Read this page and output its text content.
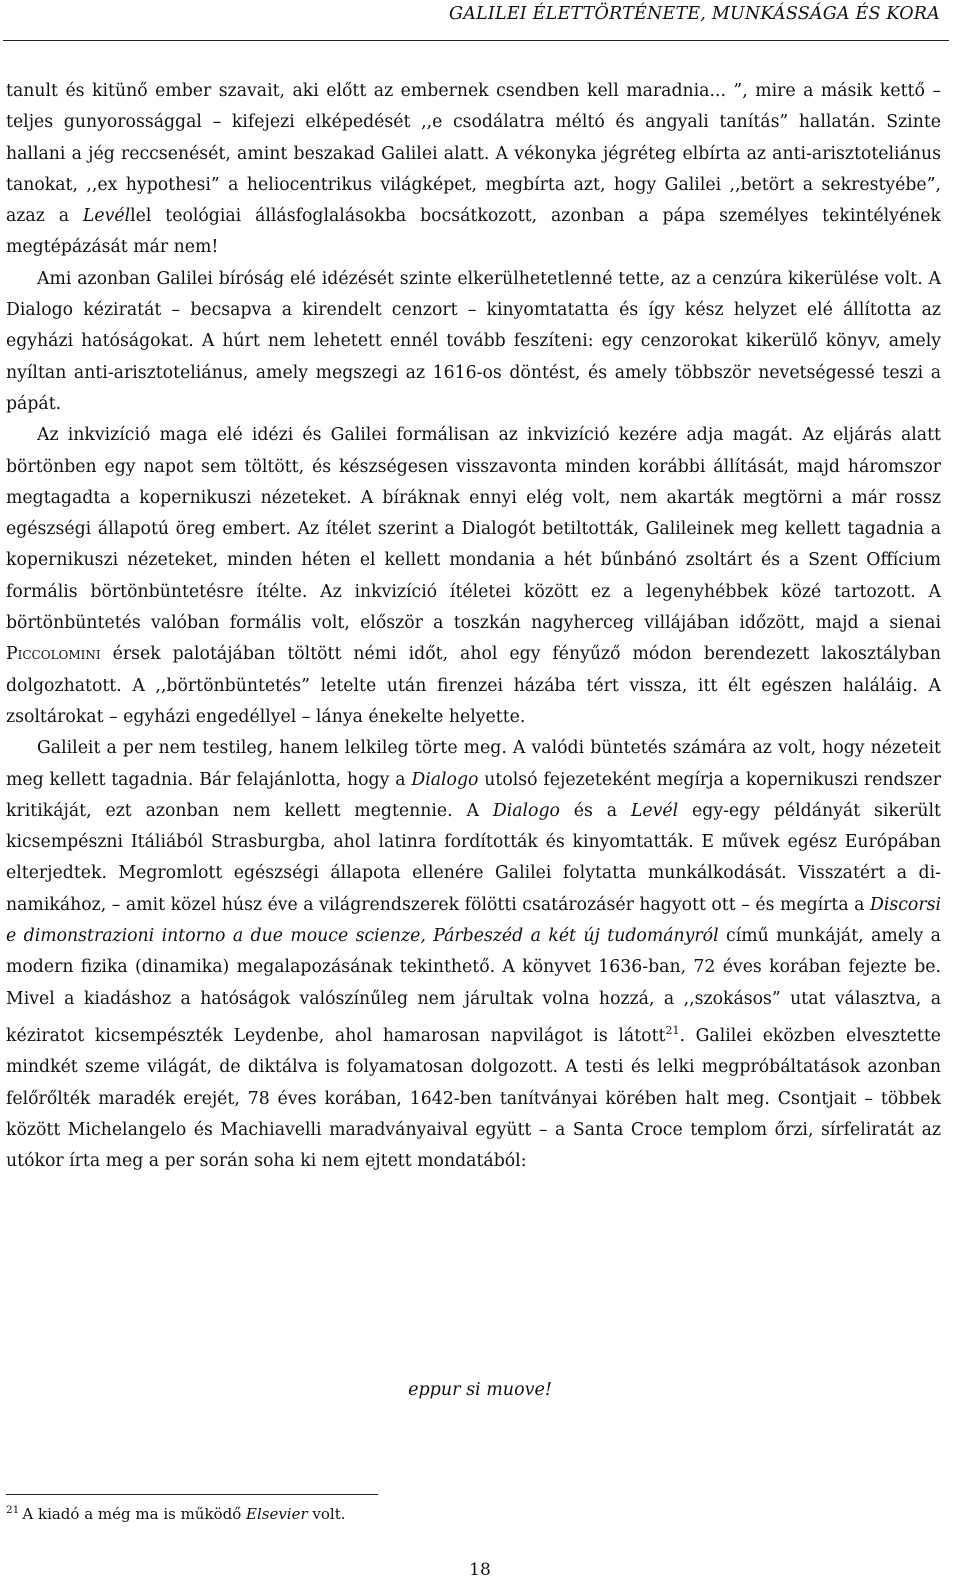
GALILEI ÉLETTÖRTÉNETE, MUNKÁSSÁGA ÉS KORA

tanult és kitünő ember szavait, aki előtt az embernek csendben kell maradnia... ”, mire a másik kettő – teljes gunyorossággal – kifejezi elképedését ,,e csodálatra méltó és angyali tanítás” hallatán. Szinte hallani a jég reccsenését, amint beszakad Galilei alatt. A vékonyka jégréteg elbírta az anti-arisztoteliánus tanokat, ,,ex hypothesi” a heliocentrikus világképet, megbírta azt, hogy Galilei ,,betört a sekrestyébe”, azaz a Levéllel teológiai állásfoglalásokba bocsátkozott, azonban a pápa személyes tekintélyének megtépázását már nem!

Ami azonban Galilei bíróság elé idézését szinte elkerülhetetlenné tette, az a cenzúra kikerülése volt. A Dialogo kéziratát – becsapva a kirendelt cenzort – kinyomtatatta és így kész helyzet elé állította az egyházi hatóságokat. A húrt nem lehetett ennél tovább feszíteni: egy cenzorokat kikerülő könyv, amely nyíltan anti-arisztoteliánus, amely megszegi az 1616-os döntést, és amely többször nevetségessé teszi a pápát.

Az inkvizíció maga elé idézi és Galilei formálisan az inkvizíció kezére adja magát. Az eljárás alatt börtönben egy napot sem töltött, és készségesen visszavonta minden korábbi állítását, majd háromszor megtagadta a kopernikuszi nézeteket. A bíráknak ennyi elég volt, nem akarták megtörni a már rossz egészségi állapotú öreg embert. Az ítélet szerint a Dialogót betiltották, Galileinek meg kellett tagadnia a kopernikuszi nézeteket, minden héten el kellett mondania a hét bűnbánó zsoltárt és a Szent Offícium formális börtönbüntetésre ítélte. Az inkvizíció ítéletei között ez a legenyhébbek közé tartozott. A börtönbüntetés valóban formális volt, először a toszkán nagyherceg villájában időzött, majd a sienai Piccolomini érsek palotájában töltött némi időt, ahol egy fényűző módon berendezett lakosztályban dolgozhatott. A ,,börtönbüntetés” letelte után firenzei házába tért vissza, itt élt egészen haláláig. A zsoltárokat – egyházi engedéllyel – lánya énekelte helyette.

Galileit a per nem testileg, hanem lelkileg törte meg. A valódi büntetés számára az volt, hogy nézeteit meg kellett tagadnia. Bár felajánlotta, hogy a Dialogo utolsó fejezeteként megírja a kopernikuszi rendszer kritikáját, ezt azonban nem kellett megtennie. A Dialogo és a Levél egy-egy példányát sikerült kicsempészni Itáliából Strasburgba, ahol latinra fordították és kinyomtatták. E művek egész Európában elterjedtek. Megromlott egészségi állapota ellenére Galilei folytatta munkálkodását. Visszatért a dinamikához, – amit közel húsz éve a világrendszerek fölötti csatározásér hagyott ott – és megírta a Discorsi e dimonstrazioni intorno a due mouce scienze, Párbeszéd a két új tudományról című munkáját, amely a modern fizika (dinamika) megalapozásának tekinthető. A könyvet 1636-ban, 72 éves korában fejezte be. Mivel a kiadáshoz a hatóságok valószínűleg nem járultak volna hozzá, a ,,szokásos” utat választva, a kéziratot kicsempészték Leydenbe, ahol hamarosan napvilágot is látott$^{21}$. Galilei eközben elvesztette mindkét szeme világát, de diktálva is folyamatosan dolgozott. A testi és lelki megpróbáltatások azonban felőrőlték maradék erejét, 78 éves korában, 1642-ben tanítványai körében halt meg. Csontjait – többek között Michelangelo és Machiavelli maradványaival együtt – a Santa Croce templom őrzi, sírfeliratát az utókor írta meg a per során soha ki nem ejtett mondatából:

eppur si muove!
$^{21}$ A kiadó a még ma is működő Elsevier volt.
18
